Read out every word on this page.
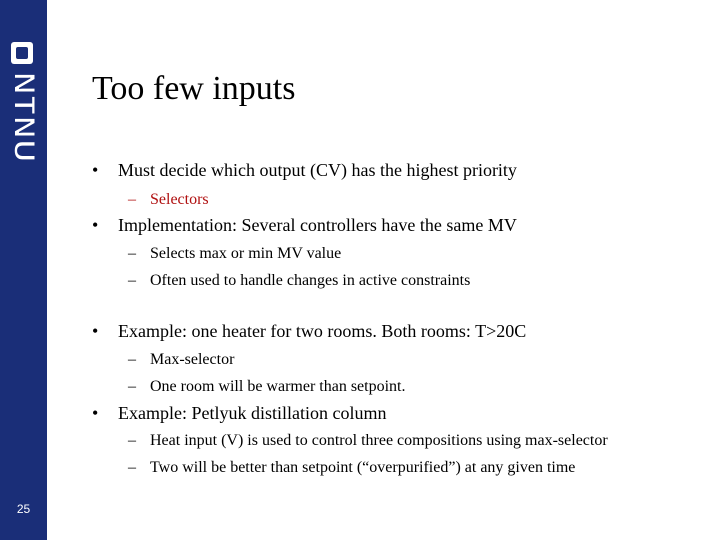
NTNU
25
Too few inputs
• Must decide which output (CV) has the highest priority
– Selectors
• Implementation: Several controllers have the same MV
– Selects max or min MV value
– Often used to handle changes in active constraints
• Example: one heater for two rooms. Both rooms: T>20C
– Max-selector
– One room will be warmer than setpoint.
• Example: Petlyuk distillation column
– Heat input (V) is used to control three compositions using max-selector
– Two will be better than setpoint (“overpurified”) at any given time
